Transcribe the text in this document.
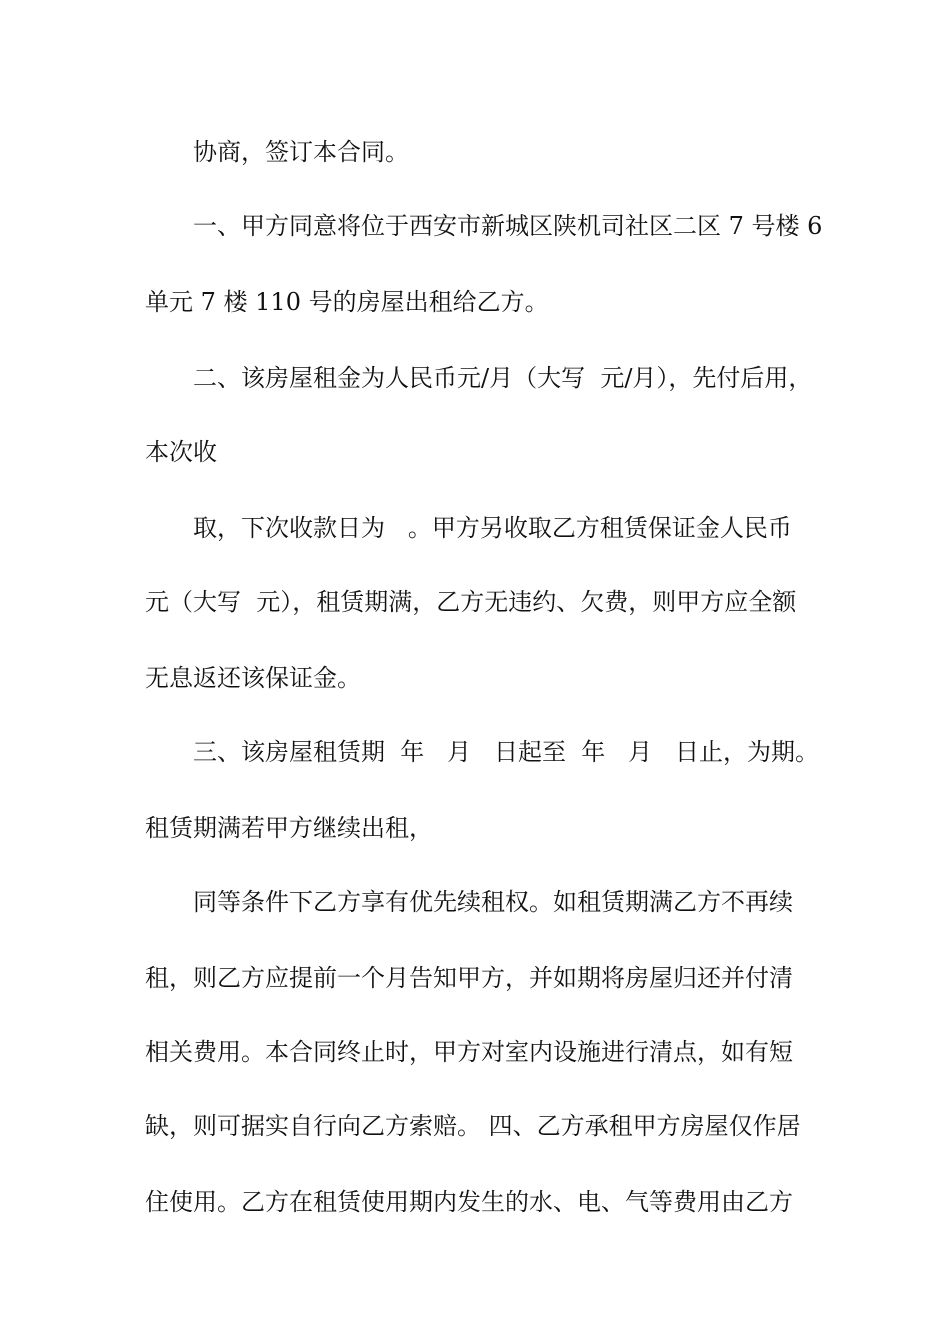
协商，签订本合同。
一、甲方同意将位于西安市新城区陕机司社区二区 7 号楼 6
单元 7 楼 110 号的房屋出租给乙方。
二、该房屋租金为人民币元/月（大写  元/月），先付后用，
本次收
取，下次收款日为   。甲方另收取乙方租赁保证金人民币
元（大写  元），租赁期满，乙方无违约、欠费，则甲方应全额
无息返还该保证金。
三、该房屋租赁期  年   月   日起至  年   月   日止，为期。
租赁期满若甲方继续出租，
同等条件下乙方享有优先续租权。如租赁期满乙方不再续
租，则乙方应提前一个月告知甲方，并如期将房屋归还并付清
相关费用。本合同终止时，甲方对室内设施进行清点，如有短
缺，则可据实自行向乙方索赔。 四、乙方承租甲方房屋仅作居
住使用。乙方在租赁使用期内发生的水、电、气等费用由乙方
